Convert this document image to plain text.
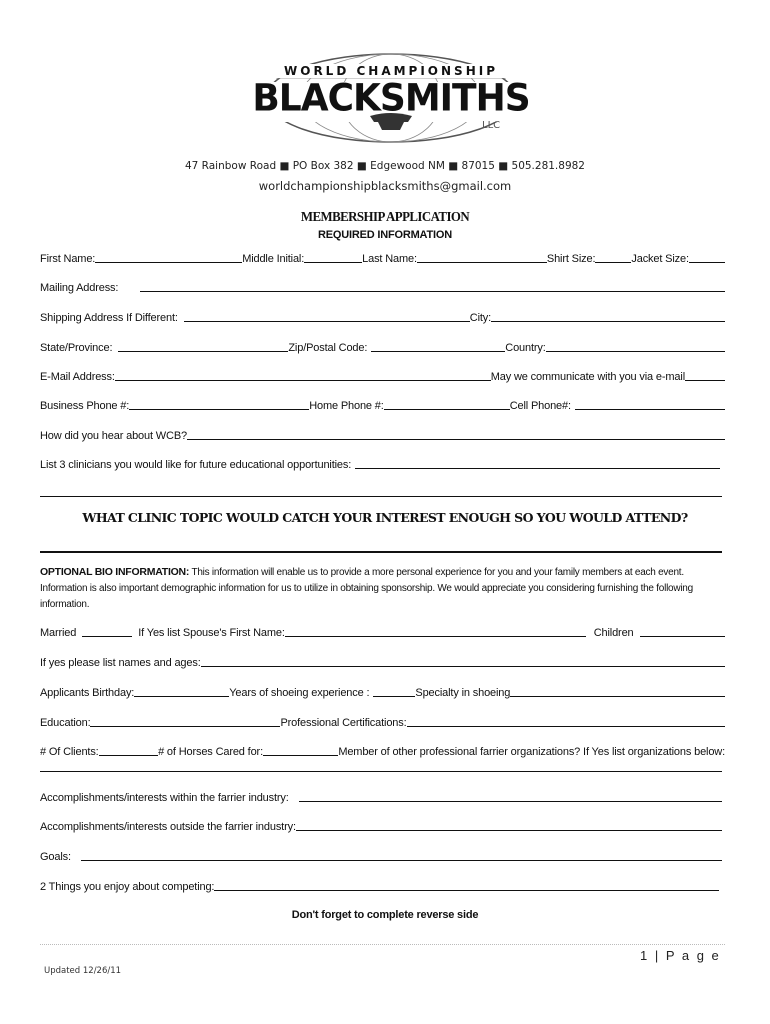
WORLD CHAMPIONSHIP
BLACKSMITHS
LLC
47 Rainbow Road ■ PO Box 382 ■ Edgewood NM ■ 87015 ■ 505.281.8982
worldchampionshipblacksmiths@gmail.com
MEMBERSHIP APPLICATION
REQUIRED INFORMATION
First Name:	Middle Initial:	Last Name:	Shirt Size:	Jacket Size:
Mailing Address:
Shipping Address If Different:	City:
State/Province:	Zip/Postal Code:	Country:
E-Mail Address:	May we communicate with you via e-mail
Business Phone #:	Home Phone #:	Cell Phone#:
How did you hear about WCB?
List 3 clinicians you would like for future educational opportunities:
WHAT CLINIC TOPIC WOULD CATCH YOUR INTEREST ENOUGH SO YOU WOULD ATTEND?
OPTIONAL BIO INFORMATION: This information will enable us to provide a more personal experience for you and your family members at each event. Information is also important demographic information for us to utilize in obtaining sponsorship. We would appreciate you considering furnishing the following information.
Married	If Yes list Spouse's First Name:	Children
If yes please list names and ages:
Applicants Birthday:	Years of shoeing experience :	Specialty in shoeing
Education:	Professional Certifications:
# Of Clients:	# of Horses Cared for:	Member of other professional farrier organizations? If Yes list organizations below:
Accomplishments/interests within the farrier industry:
Accomplishments/interests outside the farrier industry:
Goals:
2 Things you enjoy about competing:
Don't forget to complete reverse side
1 | P a g e
Updated 12/26/11
